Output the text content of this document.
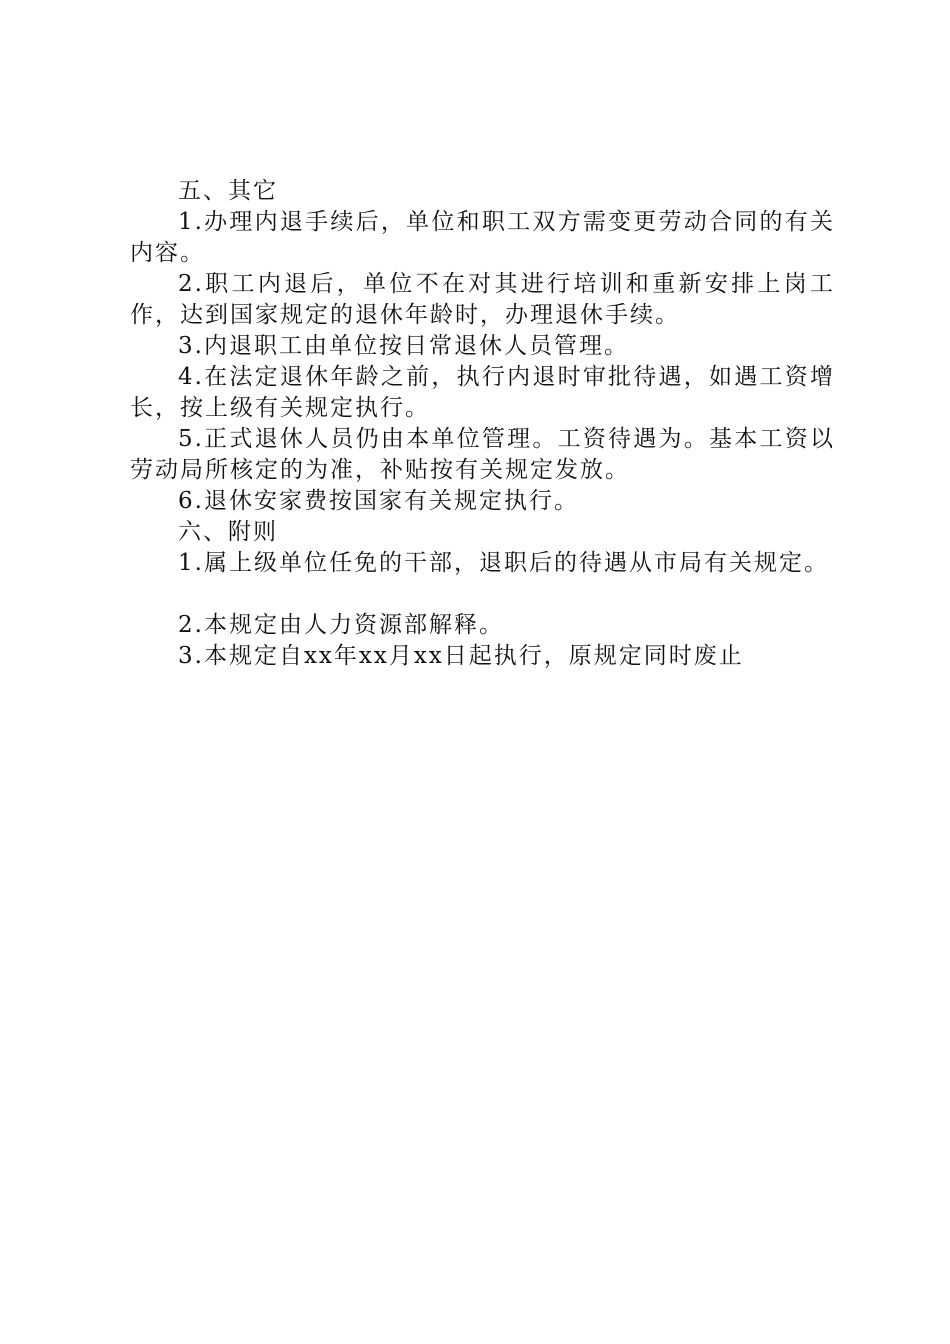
五、其它

1.办理内退手续后，单位和职工双方需变更劳动合同的有关内容。

2.职工内退后，单位不在对其进行培训和重新安排上岗工作，达到国家规定的退休年龄时，办理退休手续。

3.内退职工由单位按日常退休人员管理。

4.在法定退休年龄之前，执行内退时审批待遇，如遇工资增长，按上级有关规定执行。

5.正式退休人员仍由本单位管理。工资待遇为。基本工资以劳动局所核定的为准，补贴按有关规定发放。

6.退休安家费按国家有关规定执行。

六、附则

1.属上级单位任免的干部，退职后的待遇从市局有关规定。

2.本规定由人力资源部解释。

3.本规定自xx年xx月xx日起执行，原规定同时废止
